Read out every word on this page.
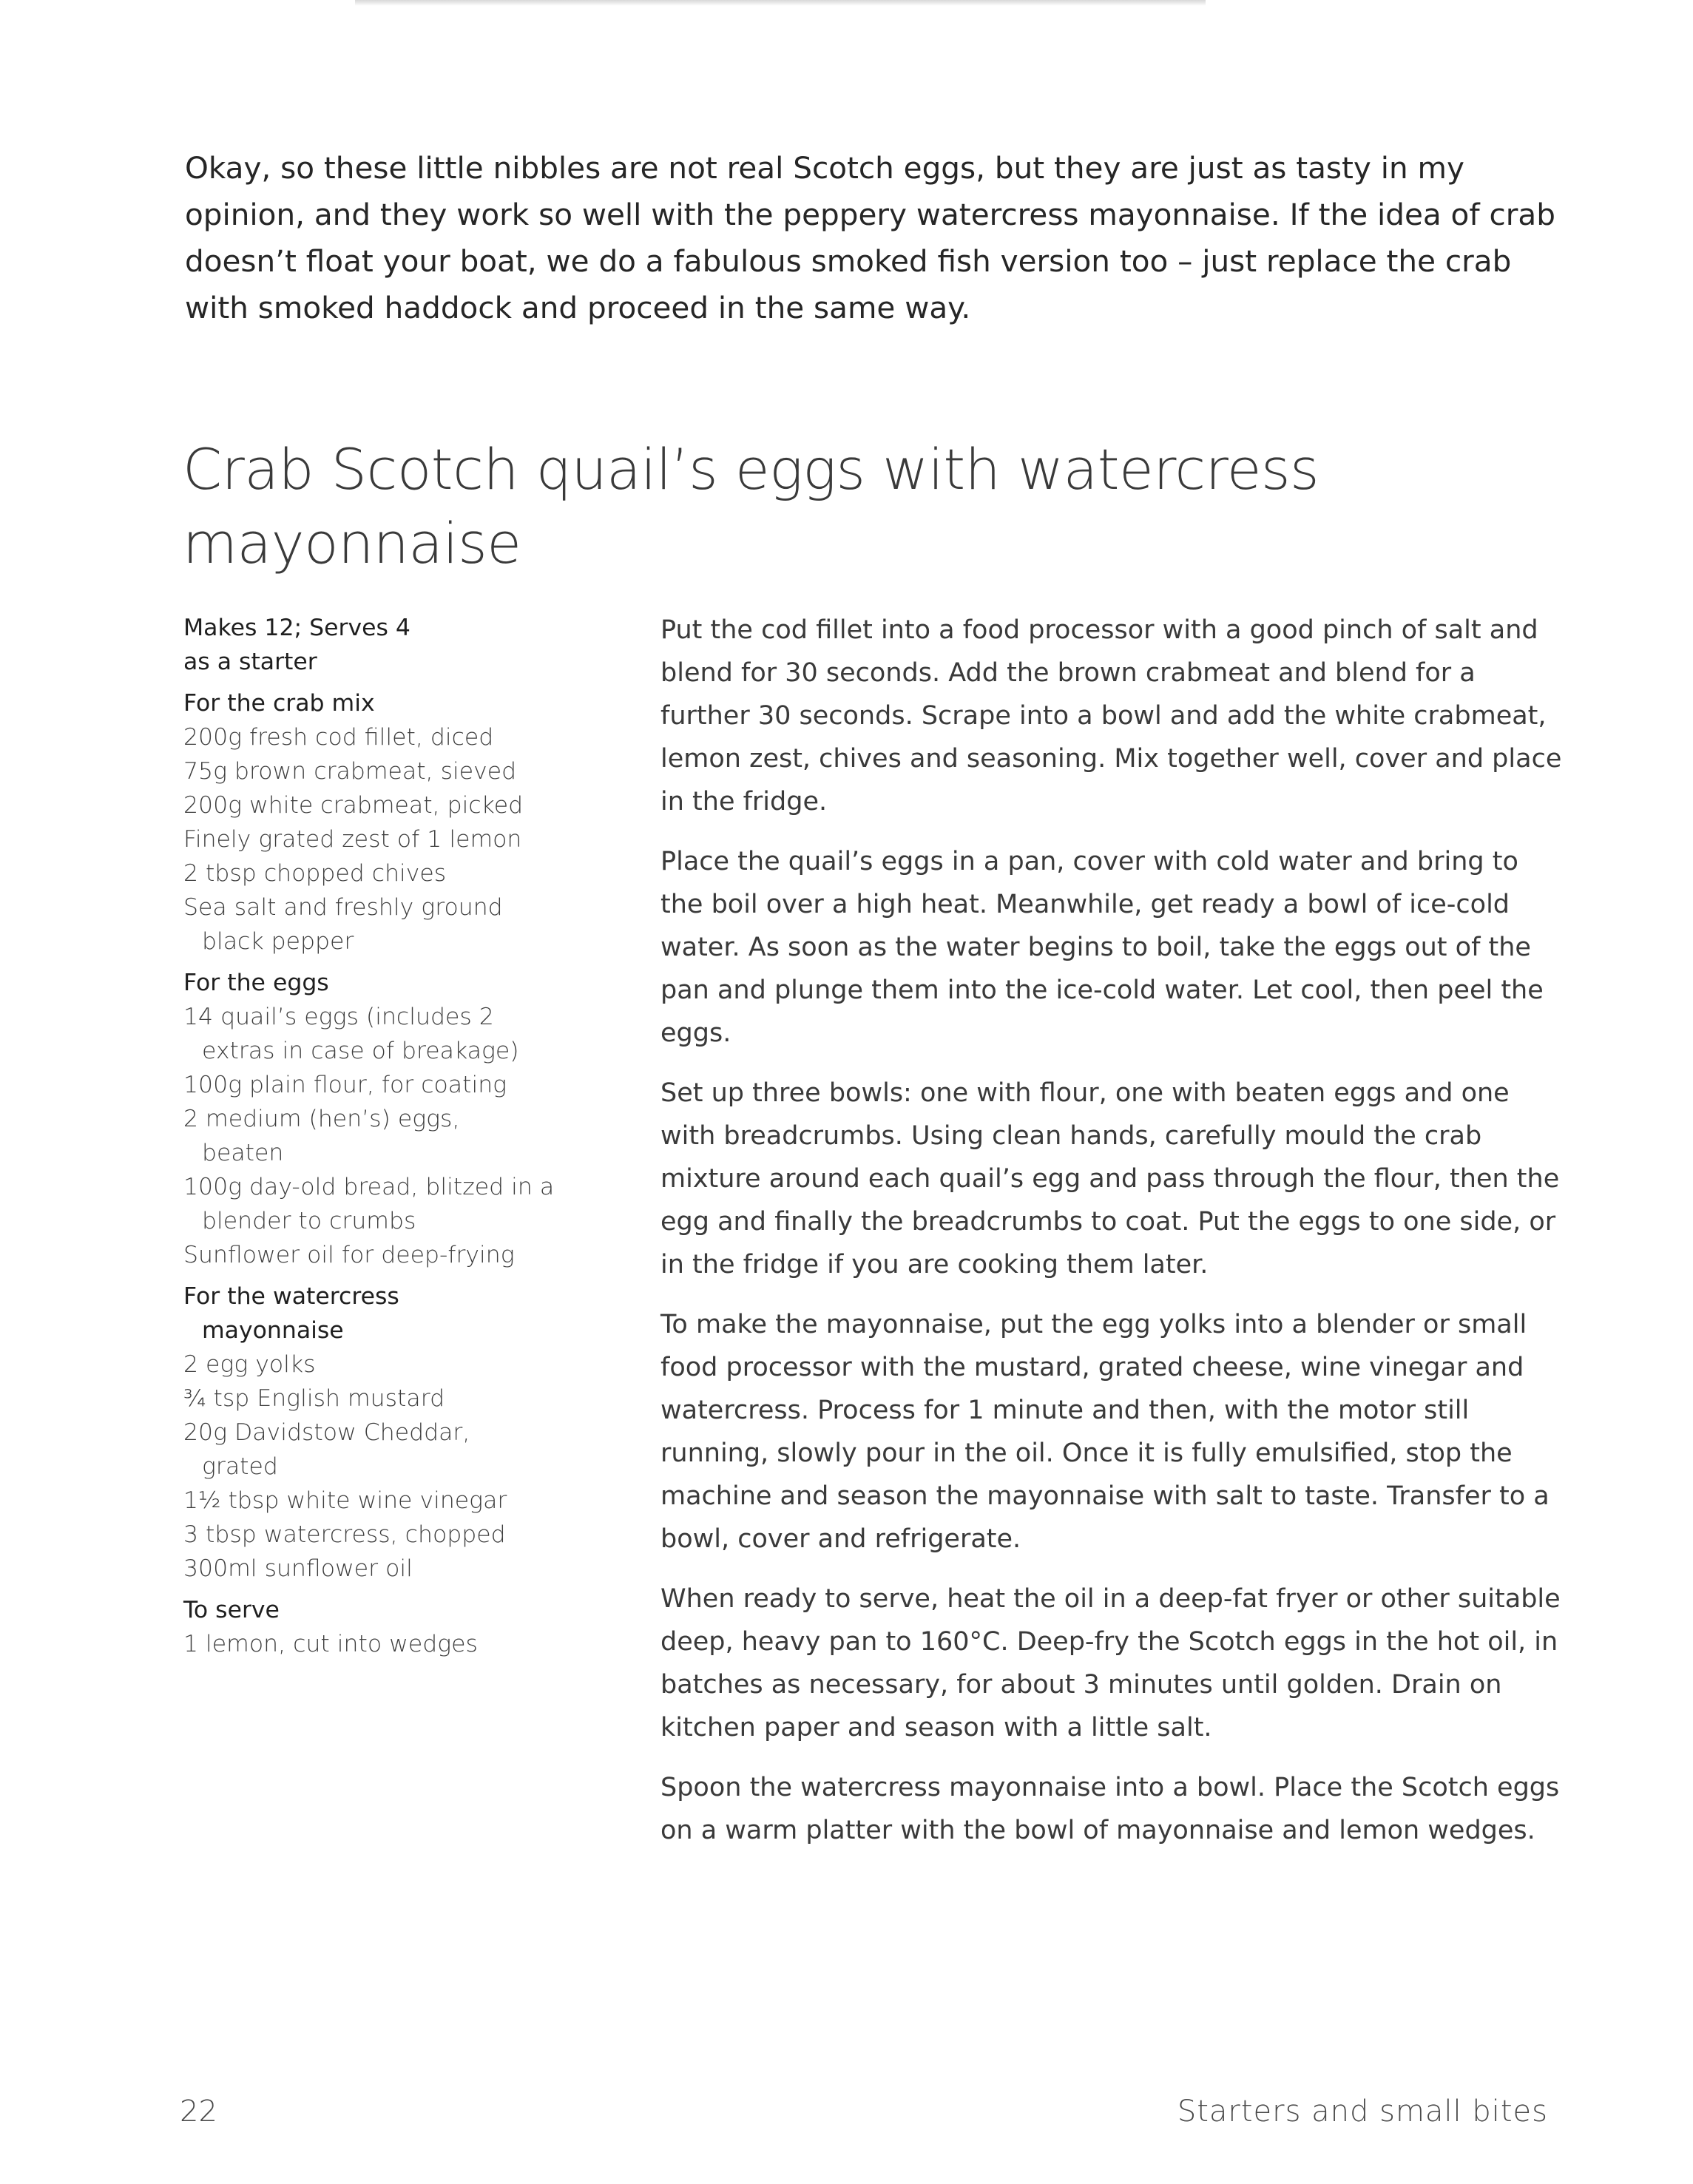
Okay, so these little nibbles are not real Scotch eggs, but they are just as tasty in my opinion, and they work so well with the peppery watercress mayonnaise. If the idea of crab doesn’t float your boat, we do a fabulous smoked fish version too – just replace the crab with smoked haddock and proceed in the same way.

Crab Scotch quail’s eggs with watercress mayonnaise

Makes 12; Serves 4 as a starter

For the crab mix

200g fresh cod fillet, diced
75g brown crabmeat, sieved
200g white crabmeat, picked
Finely grated zest of 1 lemon
2 tbsp chopped chives
Sea salt and freshly ground black pepper

For the eggs

14 quail’s eggs (includes 2 extras in case of breakage)
100g plain flour, for coating
2 medium (hen’s) eggs, beaten
100g day-old bread, blitzed in a blender to crumbs
Sunflower oil for deep-frying

For the watercress mayonnaise

2 egg yolks
¾ tsp English mustard
20g Davidstow Cheddar, grated
1½ tbsp white wine vinegar
3 tbsp watercress, chopped
300ml sunflower oil

To serve

1 lemon, cut into wedges

Put the cod fillet into a food processor with a good pinch of salt and blend for 30 seconds. Add the brown crabmeat and blend for a further 30 seconds. Scrape into a bowl and add the white crabmeat, lemon zest, chives and seasoning. Mix together well, cover and place in the fridge.

Place the quail’s eggs in a pan, cover with cold water and bring to the boil over a high heat. Meanwhile, get ready a bowl of ice-cold water. As soon as the water begins to boil, take the eggs out of the pan and plunge them into the ice-cold water. Let cool, then peel the eggs.

Set up three bowls: one with flour, one with beaten eggs and one with breadcrumbs. Using clean hands, carefully mould the crab mixture around each quail’s egg and pass through the flour, then the egg and finally the breadcrumbs to coat. Put the eggs to one side, or in the fridge if you are cooking them later.

To make the mayonnaise, put the egg yolks into a blender or small food processor with the mustard, grated cheese, wine vinegar and watercress. Process for 1 minute and then, with the motor still running, slowly pour in the oil. Once it is fully emulsified, stop the machine and season the mayonnaise with salt to taste. Transfer to a bowl, cover and refrigerate.

When ready to serve, heat the oil in a deep-fat fryer or other suitable deep, heavy pan to 160°C. Deep-fry the Scotch eggs in the hot oil, in batches as necessary, for about 3 minutes until golden. Drain on kitchen paper and season with a little salt.

Spoon the watercress mayonnaise into a bowl. Place the Scotch eggs on a warm platter with the bowl of mayonnaise and lemon wedges.

22	Starters and small bites
